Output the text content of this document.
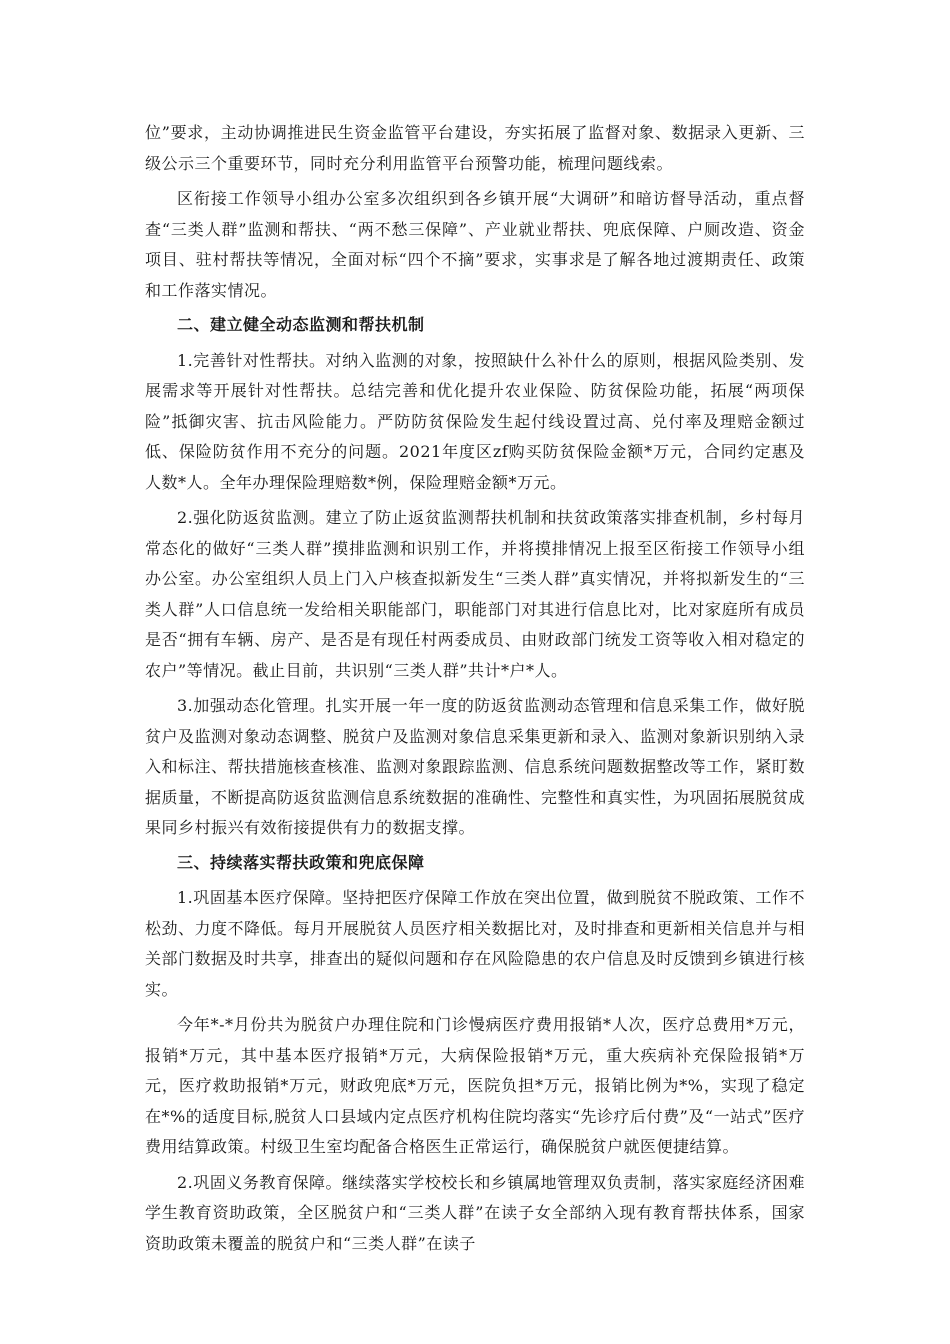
位”要求，主动协调推进民生资金监管平台建设，夯实拓展了监督对象、数据录入更新、三级公示三个重要环节，同时充分利用监管平台预警功能，梳理问题线索。

区衔接工作领导小组办公室多次组织到各乡镇开展“大调研”和暗访督导活动，重点督查“三类人群”监测和帮扶、“两不愁三保障”、产业就业帮扶、兜底保障、户厕改造、资金项目、驻村帮扶等情况，全面对标“四个不摘”要求，实事求是了解各地过渡期责任、政策和工作落实情况。

二、建立健全动态监测和帮扶机制

1.完善针对性帮扶。对纳入监测的对象，按照缺什么补什么的原则，根据风险类别、发展需求等开展针对性帮扶。总结完善和优化提升农业保险、防贫保险功能，拓展“两项保险”抵御灾害、抗击风险能力。严防防贫保险发生起付线设置过高、兑付率及理赔金额过低、保险防贫作用不充分的问题。2021年度区zf购买防贫保险金额*万元，合同约定惠及人数*人。全年办理保险理赔数*例，保险理赔金额*万元。

2.强化防返贫监测。建立了防止返贫监测帮扶机制和扶贫政策落实排查机制，乡村每月常态化的做好“三类人群”摸排监测和识别工作，并将摸排情况上报至区衔接工作领导小组办公室。办公室组织人员上门入户核查拟新发生“三类人群”真实情况，并将拟新发生的“三类人群”人口信息统一发给相关职能部门，职能部门对其进行信息比对，比对家庭所有成员是否“拥有车辆、房产、是否是有现任村两委成员、由财政部门统发工资等收入相对稳定的农户”等情况。截止目前，共识别“三类人群”共计*户*人。

3.加强动态化管理。扎实开展一年一度的防返贫监测动态管理和信息采集工作，做好脱贫户及监测对象动态调整、脱贫户及监测对象信息采集更新和录入、监测对象新识别纳入录入和标注、帮扶措施核查核准、监测对象跟踪监测、信息系统问题数据整改等工作，紧盯数据质量，不断提高防返贫监测信息系统数据的准确性、完整性和真实性，为巩固拓展脱贫成果同乡村振兴有效衔接提供有力的数据支撑。

三、持续落实帮扶政策和兜底保障

1.巩固基本医疗保障。坚持把医疗保障工作放在突出位置，做到脱贫不脱政策、工作不松劲、力度不降低。每月开展脱贫人员医疗相关数据比对，及时排查和更新相关信息并与相关部门数据及时共享，排查出的疑似问题和存在风险隐患的农户信息及时反馈到乡镇进行核实。

今年*-*月份共为脱贫户办理住院和门诊慢病医疗费用报销*人次，医疗总费用*万元，报销*万元，其中基本医疗报销*万元，大病保险报销*万元，重大疾病补充保险报销*万元，医疗救助报销*万元，财政兜底*万元，医院负担*万元，报销比例为*%，实现了稳定在*%的适度目标,脱贫人口县域内定点医疗机构住院均落实“先诊疗后付费”及“一站式”医疗费用结算政策。村级卫生室均配备合格医生正常运行，确保脱贫户就医便捷结算。

2.巩固义务教育保障。继续落实学校校长和乡镇属地管理双负责制，落实家庭经济困难学生教育资助政策，全区脱贫户和“三类人群”在读子女全部纳入现有教育帮扶体系，国家资助政策未覆盖的脱贫户和“三类人群”在读子
